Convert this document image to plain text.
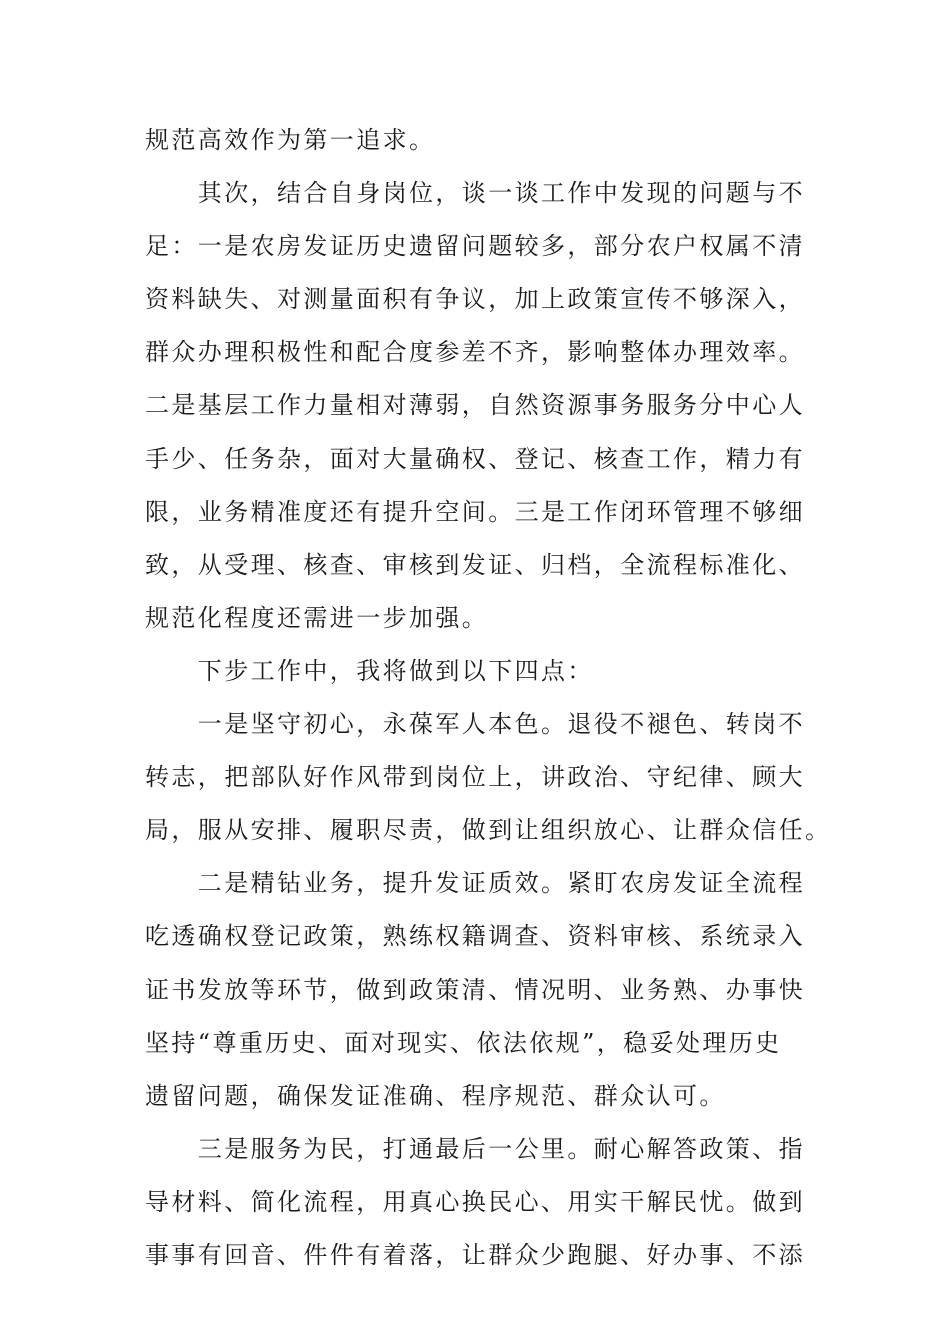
规范高效作为第一追求。
其次，结合自身岗位，谈一谈工作中发现的问题与不
足：一是农房发证历史遗留问题较多，部分农户权属不清
资料缺失、对测量面积有争议，加上政策宣传不够深入，
群众办理积极性和配合度参差不齐，影响整体办理效率。
二是基层工作力量相对薄弱，自然资源事务服务分中心人
手少、任务杂，面对大量确权、登记、核查工作，精力有
限，业务精准度还有提升空间。三是工作闭环管理不够细
致，从受理、核查、审核到发证、归档，全流程标准化、
规范化程度还需进一步加强。
下步工作中，我将做到以下四点：
一是坚守初心，永葆军人本色。退役不褪色、转岗不
转志，把部队好作风带到岗位上，讲政治、守纪律、顾大
局，服从安排、履职尽责，做到让组织放心、让群众信任。
二是精钻业务，提升发证质效。紧盯农房发证全流程
吃透确权登记政策，熟练权籍调查、资料审核、系统录入
证书发放等环节，做到政策清、情况明、业务熟、办事快
坚持“尊重历史、面对现实、依法依规”，稳妥处理历史
遗留问题，确保发证准确、程序规范、群众认可。
三是服务为民，打通最后一公里。耐心解答政策、指
导材料、简化流程，用真心换民心、用实干解民忧。做到
事事有回音、件件有着落，让群众少跑腿、好办事、不添
